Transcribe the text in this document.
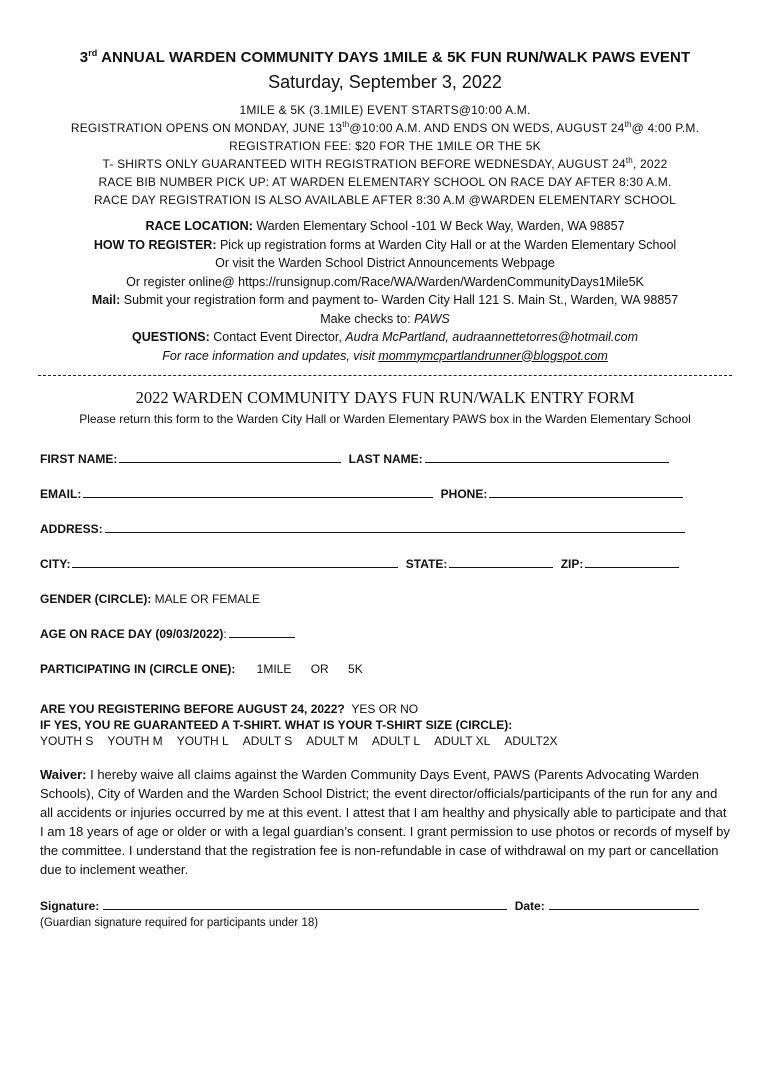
3rd ANNUAL WARDEN COMMUNITY DAYS 1MILE & 5K FUN RUN/WALK PAWS EVENT
Saturday, September 3, 2022
1MILE & 5K (3.1MILE) EVENT STARTS@10:00 A.M.
REGISTRATION OPENS ON MONDAY, JUNE 13th@10:00 A.M. AND ENDS ON WEDS, AUGUST 24th@ 4:00 P.M.
REGISTRATION FEE: $20 FOR THE 1MILE OR THE 5K
T- SHIRTS ONLY GUARANTEED WITH REGISTRATION BEFORE WEDNESDAY, AUGUST 24th, 2022
RACE BIB NUMBER PICK UP: AT WARDEN ELEMENTARY SCHOOL ON RACE DAY AFTER 8:30 A.M.
RACE DAY REGISTRATION IS ALSO AVAILABLE AFTER 8:30 A.M @WARDEN ELEMENTARY SCHOOL
RACE LOCATION: Warden Elementary School -101 W Beck Way, Warden, WA 98857
HOW TO REGISTER: Pick up registration forms at Warden City Hall or at the Warden Elementary School
Or visit the Warden School District Announcements Webpage
Or register online@ https://runsignup.com/Race/WA/Warden/WardenCommunityDays1Mile5K
Mail: Submit your registration form and payment to- Warden City Hall 121 S. Main St., Warden, WA 98857
Make checks to: PAWS
QUESTIONS: Contact Event Director, Audra McPartland, audraannettetorres@hotmail.com
For race information and updates, visit mommymcpartlandrunner@blogspot.com
2022 WARDEN COMMUNITY DAYS FUN RUN/WALK ENTRY FORM
Please return this form to the Warden City Hall or Warden Elementary PAWS box in the Warden Elementary School
FIRST NAME:	LAST NAME:
EMAIL:	PHONE:
ADDRESS:
CITY:	STATE:	ZIP:
GENDER (CIRCLE): MALE OR FEMALE
AGE ON RACE DAY (09/03/2022):
PARTICIPATING IN (CIRCLE ONE): 1MILE OR 5K
ARE YOU REGISTERING BEFORE AUGUST 24, 2022? YES OR NO
IF YES, YOU RE GUARANTEED A T-SHIRT. WHAT IS YOUR T-SHIRT SIZE (CIRCLE):
YOUTH S YOUTH M YOUTH L ADULT S ADULT M ADULT L ADULT XL ADULT2X
Waiver: I hereby waive all claims against the Warden Community Days Event, PAWS (Parents Advocating Warden Schools), City of Warden and the Warden School District; the event director/officials/participants of the run for any and all accidents or injuries occurred by me at this event. I attest that I am healthy and physically able to participate and that I am 18 years of age or older or with a legal guardian’s consent. I grant permission to use photos or records of myself by the committee. I understand that the registration fee is non-refundable in case of withdrawal on my part or cancellation due to inclement weather.
Signature:	Date:
(Guardian signature required for participants under 18)
